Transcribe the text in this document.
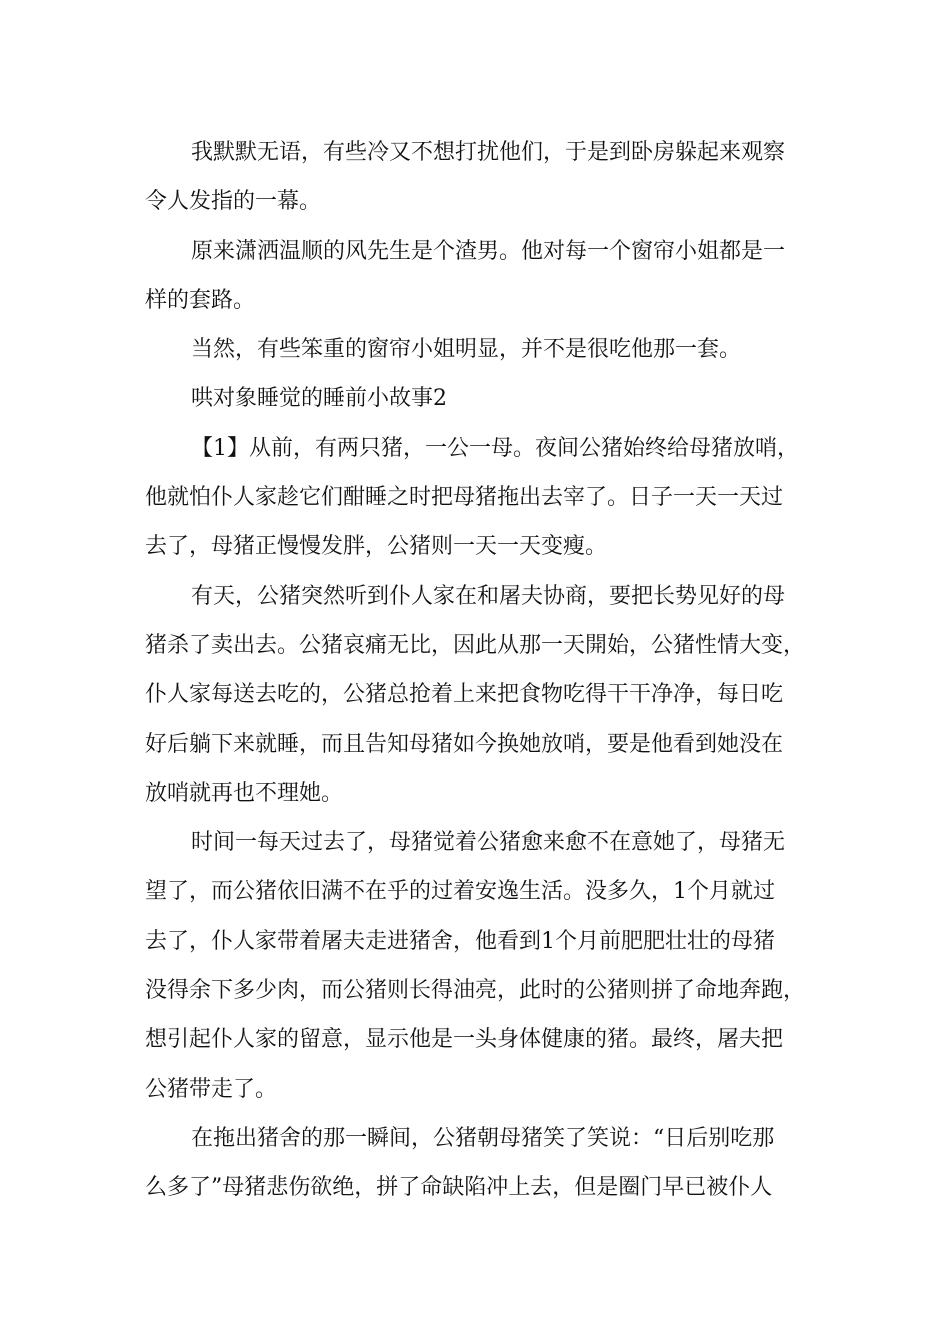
我默默无语，有些冷又不想打扰他们，于是到卧房躲起来观察
令人发指的一幕。
原来潇洒温顺的风先生是个渣男。他对每一个窗帘小姐都是一
样的套路。
当然，有些笨重的窗帘小姐明显，并不是很吃他那一套。
哄对象睡觉的睡前小故事2
【1】从前，有两只猪，一公一母。夜间公猪始终给母猪放哨，
他就怕仆人家趁它们酣睡之时把母猪拖出去宰了。日子一天一天过
去了，母猪正慢慢发胖，公猪则一天一天变瘦。
有天，公猪突然听到仆人家在和屠夫协商，要把长势见好的母
猪杀了卖出去。公猪哀痛无比，因此从那一天開始，公猪性情大变，
仆人家每送去吃的，公猪总抢着上来把食物吃得干干净净，每日吃
好后躺下来就睡，而且告知母猪如今换她放哨，要是他看到她没在
放哨就再也不理她。
时间一每天过去了，母猪觉着公猪愈来愈不在意她了，母猪无
望了，而公猪依旧满不在乎的过着安逸生活。没多久，1个月就过
去了，仆人家带着屠夫走进猪舍，他看到1个月前肥肥壮壮的母猪
没得余下多少肉，而公猪则长得油亮，此时的公猪则拼了命地奔跑，
想引起仆人家的留意，显示他是一头身体健康的猪。最终，屠夫把
公猪带走了。
在拖出猪舍的那一瞬间，公猪朝母猪笑了笑说：“日后别吃那
么多了”母猪悲伤欲绝，拼了命缺陷冲上去，但是圈门早已被仆人
